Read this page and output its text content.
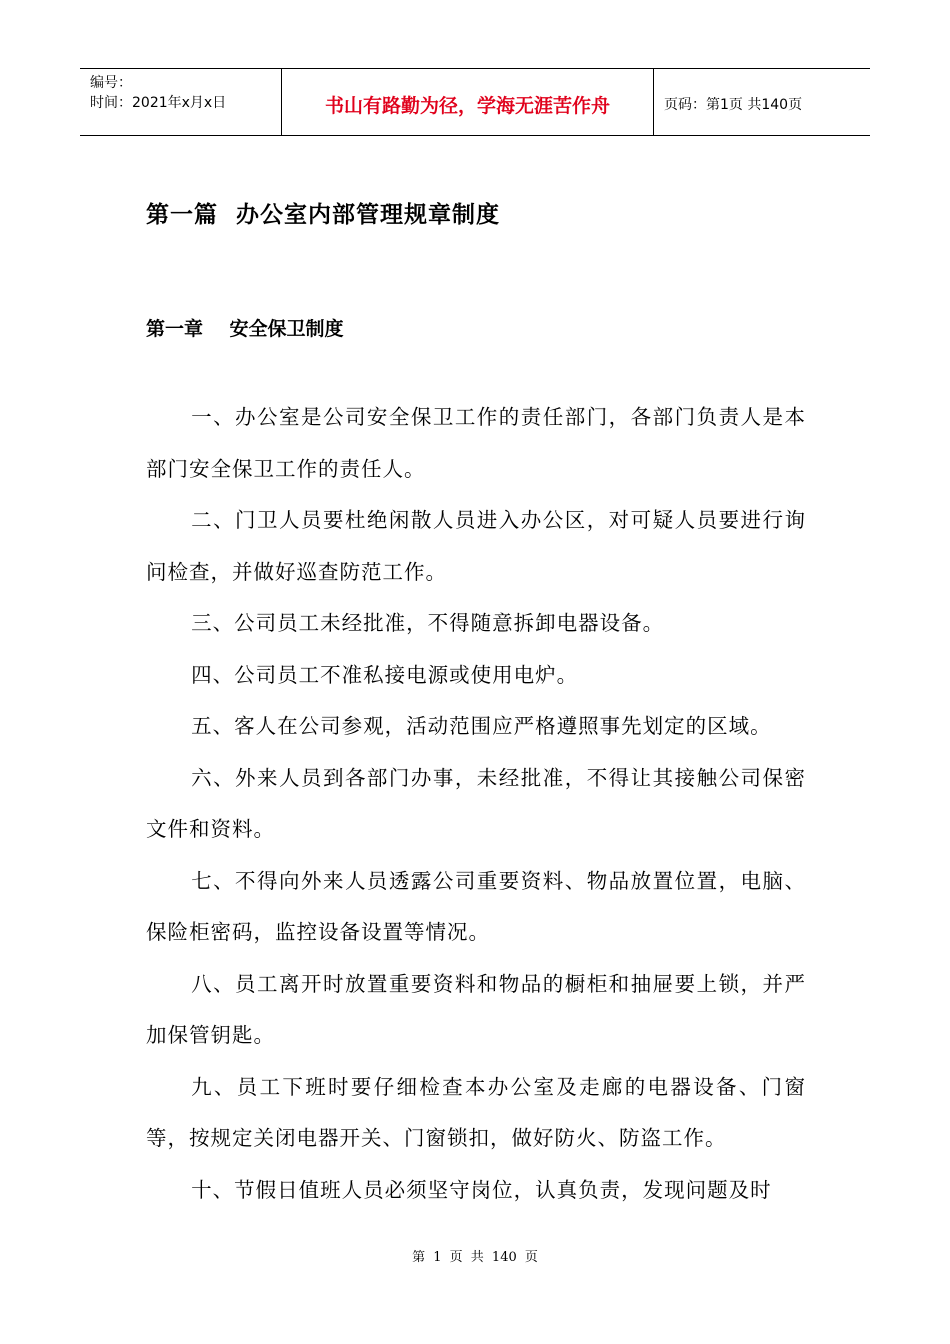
编号：
时间：2021年x月x日	书山有路勤为径，学海无涯苦作舟	页码：第1页 共140页
第一篇  办公室内部管理规章制度
第一章    安全保卫制度

一、办公室是公司安全保卫工作的责任部门，各部门负责人是本部门安全保卫工作的责任人。

二、门卫人员要杜绝闲散人员进入办公区，对可疑人员要进行询问检查，并做好巡查防范工作。

三、公司员工未经批准，不得随意拆卸电器设备。

四、公司员工不准私接电源或使用电炉。

五、客人在公司参观，活动范围应严格遵照事先划定的区域。

六、外来人员到各部门办事，未经批准，不得让其接触公司保密文件和资料。

七、不得向外来人员透露公司重要资料、物品放置位置，电脑、保险柜密码，监控设备设置等情况。

八、员工离开时放置重要资料和物品的橱柜和抽屉要上锁，并严加保管钥匙。

九、员工下班时要仔细检查本办公室及走廊的电器设备、门窗等，按规定关闭电器开关、门窗锁扣，做好防火、防盗工作。

十、节假日值班人员必须坚守岗位，认真负责，发现问题及时

第 1 页 共 140 页
